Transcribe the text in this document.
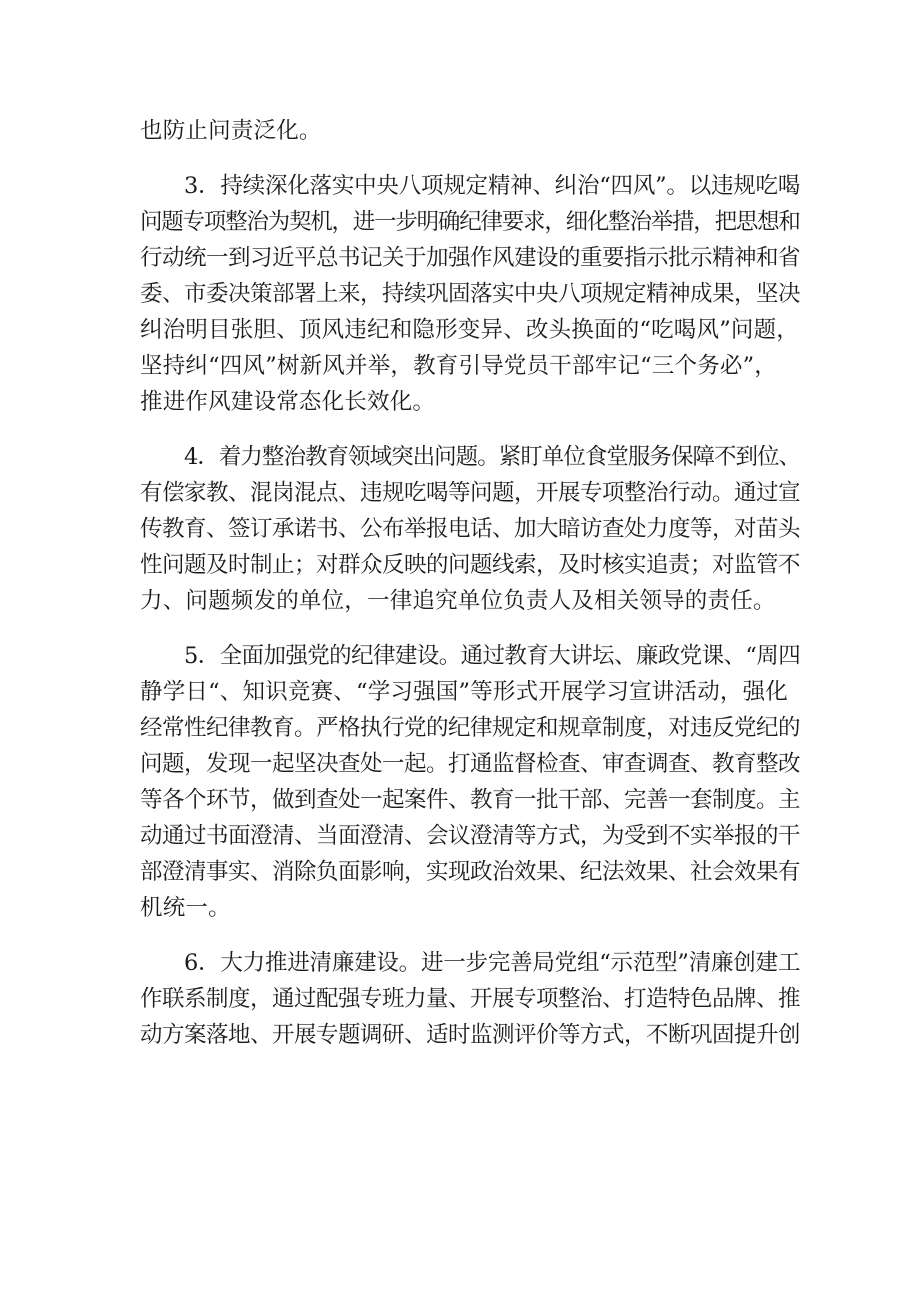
也防止问责泛化。
3．持续深化落实中央八项规定精神、纠治“四风”。以违规吃喝
问题专项整治为契机，进一步明确纪律要求，细化整治举措，把思想和
行动统一到习近平总书记关于加强作风建设的重要指示批示精神和省
委、市委决策部署上来，持续巩固落实中央八项规定精神成果，坚决
纠治明目张胆、顶风违纪和隐形变异、改头换面的“吃喝风”问题，
坚持纠“四风”树新风并举，教育引导党员干部牢记“三个务必”，
推进作风建设常态化长效化。
4．着力整治教育领域突出问题。紧盯单位食堂服务保障不到位、
有偿家教、混岗混点、违规吃喝等问题，开展专项整治行动。通过宣
传教育、签订承诺书、公布举报电话、加大暗访查处力度等，对苗头
性问题及时制止；对群众反映的问题线索，及时核实追责；对监管不
力、问题频发的单位，一律追究单位负责人及相关领导的责任。
5．全面加强党的纪律建设。通过教育大讲坛、廉政党课、“周四
静学日“、知识竞赛、“学习强国”等形式开展学习宣讲活动，强化
经常性纪律教育。严格执行党的纪律规定和规章制度，对违反党纪的
问题，发现一起坚决查处一起。打通监督检查、审查调查、教育整改
等各个环节，做到查处一起案件、教育一批干部、完善一套制度。主
动通过书面澄清、当面澄清、会议澄清等方式，为受到不实举报的干
部澄清事实、消除负面影响，实现政治效果、纪法效果、社会效果有
机统一。
6．大力推进清廉建设。进一步完善局党组“示范型”清廉创建工
作联系制度，通过配强专班力量、开展专项整治、打造特色品牌、推
动方案落地、开展专题调研、适时监测评价等方式，不断巩固提升创
